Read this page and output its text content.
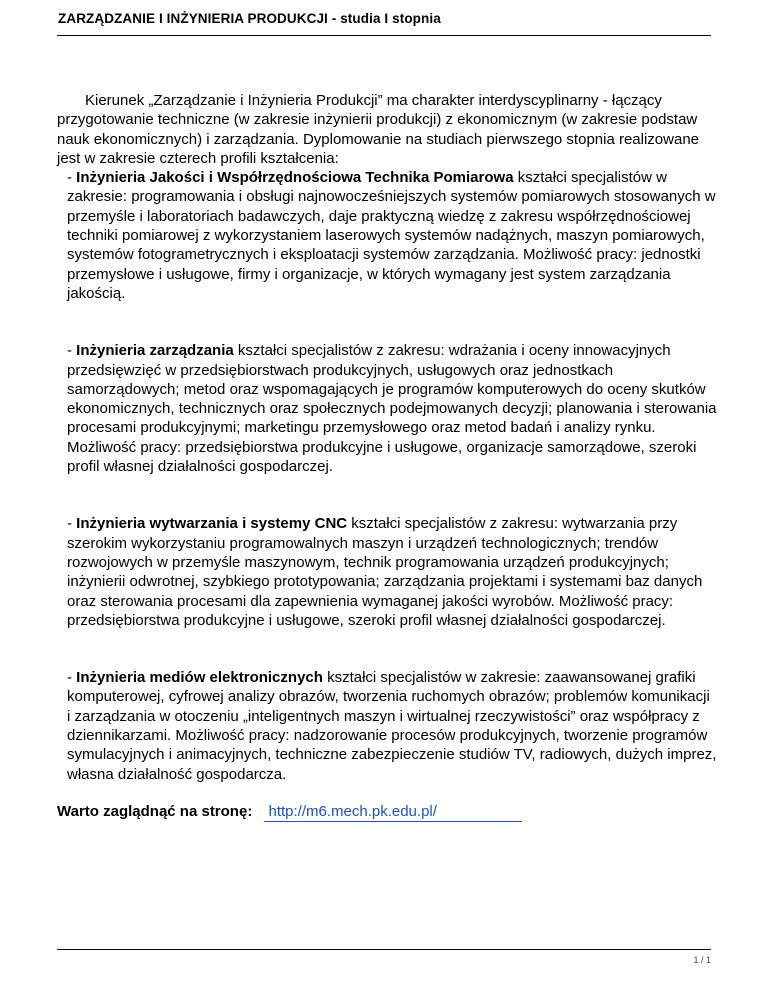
ZARZĄDZANIE I INŻYNIERIA PRODUKCJI - studia I stopnia

Kierunek „Zarządzanie i Inżynieria Produkcji” ma charakter interdyscyplinarny - łączący przygotowanie techniczne (w zakresie inżynierii produkcji) z ekonomicznym (w zakresie podstaw nauk ekonomicznych) i zarządzania. Dyplomowanie na studiach pierwszego stopnia realizowane jest w zakresie czterech profili kształcenia:

- Inżynieria Jakości i Współrzędnościowa Technika Pomiarowa kształci specjalistów w zakresie: programowania i obsługi najnowocześniejszych systemów pomiarowych stosowanych w przemyśle i laboratoriach badawczych, daje praktyczną wiedzę z zakresu współrzędnościowej techniki pomiarowej z wykorzystaniem laserowych systemów nadążnych, maszyn pomiarowych, systemów fotogrametrycznych i eksploatacji systemów zarządzania. Możliwość pracy: jednostki przemysłowe i usługowe, firmy i organizacje, w których wymagany jest system zarządzania jakością.

- Inżynieria zarządzania kształci specjalistów z zakresu: wdrażania i oceny innowacyjnych przedsięwzięć w przedsiębiorstwach produkcyjnych, usługowych oraz jednostkach samorządowych; metod oraz wspomagających je programów komputerowych do oceny skutków ekonomicznych, technicznych oraz społecznych podejmowanych decyzji; planowania i sterowania procesami produkcyjnymi; marketingu przemysłowego oraz metod badań i analizy rynku. Możliwość pracy: przedsiębiorstwa produkcyjne i usługowe, organizacje samorządowe, szeroki profil własnej działalności gospodarczej.

- Inżynieria wytwarzania i systemy CNC kształci specjalistów z zakresu: wytwarzania przy szerokim wykorzystaniu programowalnych maszyn i urządzeń technologicznych; trendów rozwojowych w przemyśle maszynowym, technik programowania urządzeń produkcyjnych; inżynierii odwrotnej, szybkiego prototypowania; zarządzania projektami i systemami baz danych oraz sterowania procesami dla zapewnienia wymaganej jakości wyrobów. Możliwość pracy: przedsiębiorstwa produkcyjne i usługowe, szeroki profil własnej działalności gospodarczej.

- Inżynieria mediów elektronicznych kształci specjalistów w zakresie: zaawansowanej grafiki komputerowej, cyfrowej analizy obrazów, tworzenia ruchomych obrazów; problemów komunikacji i zarządzania w otoczeniu „inteligentnych maszyn i wirtualnej rzeczywistości” oraz współpracy z dziennikarzami. Możliwość pracy: nadzorowanie procesów produkcyjnych, tworzenie programów symulacyjnych i animacyjnych, techniczne zabezpieczenie studiów TV, radiowych, dużych imprez, własna działalność gospodarcza.

Warto zaglądnąć na stronę: http://m6.mech.pk.edu.pl/

1 / 1
